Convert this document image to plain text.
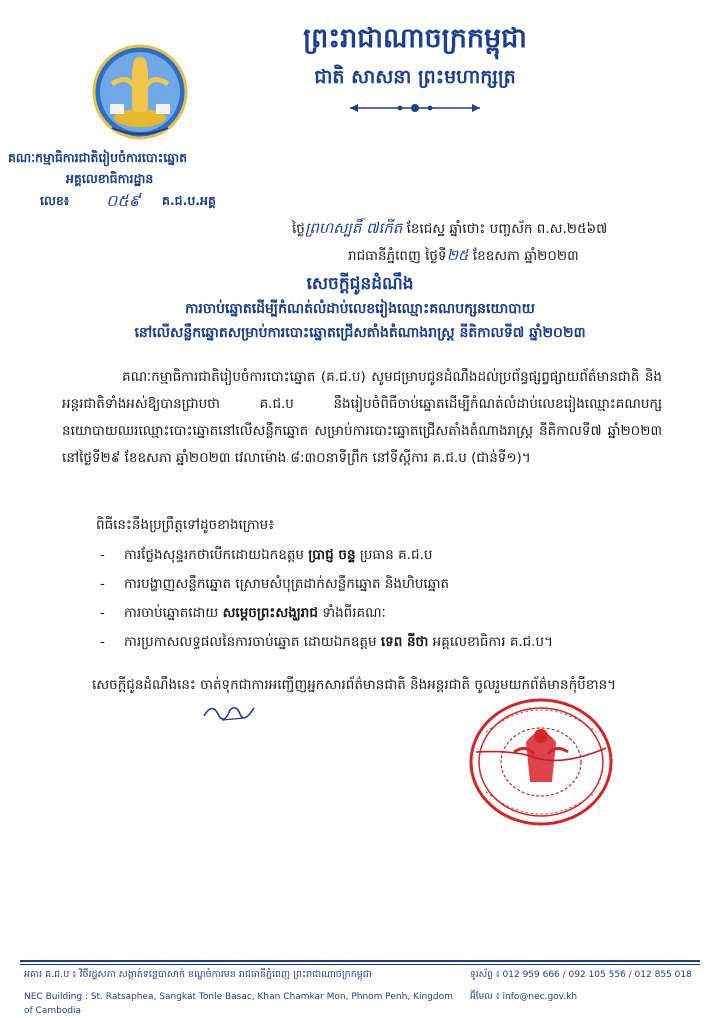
ព្រះរាជាណាចក្រកម្ពុជា
ជាតិ សាសនា ព្រះមហាក្សត្រ
គណៈកម្មាធិការជាតិរៀបចំការបោះឆ្នោត
អគ្គលេខាធិការដ្ឋាន
លេខ៖ ០៥៩ គ.ជ.ប.អគ្គ
ថ្ងៃព្រហស្បតិ៍ ៧កើត ខែជេស្ឋ ឆ្នាំថោះ បញ្ចស័ក ព.ស.២៥៦៧
រាជធានីភ្នំពេញ ថ្ងៃទី២៥ ខែឧសភា ឆ្នាំ២០២៣
សេចក្តីជូនដំណឹង
ការចាប់ឆ្នោតដើម្បីកំណត់លំដាប់លេខរៀងឈ្មោះគណបក្សនយោបាយ
នៅលើសន្លឹកឆ្នោតសម្រាប់ការបោះឆ្នោតជ្រើសតាំងតំណាងរាស្ត្រ នីតិកាលទី៧ ឆ្នាំ២០២៣
គណៈកម្មាធិការជាតិរៀបចំការបោះឆ្នោត (គ.ជ.ប) សូមជម្រាបជូនដំណឹងដល់ប្រព័ន្ធផ្សព្វផ្សាយព័ត៌មានជាតិ និងអន្តរជាតិទាំងអស់ឱ្យបានជ្រាបថា គ.ជ.ប នឹងរៀបចំពិធីចាប់ឆ្នោតដើម្បីកំណត់លំដាប់លេខរៀងឈ្មោះគណបក្សនយោបាយឈរឈ្មោះបោះឆ្នោតនៅលើសន្លឹកឆ្នោត សម្រាប់ការបោះឆ្នោតជ្រើសតាំងតំណាងរាស្ត្រ នីតិកាលទី៧ ឆ្នាំ២០២៣ នៅថ្ងៃទី២៩ ខែឧសភា ឆ្នាំ២០២៣ វេលាម៉ោង ៨:៣០នាទីព្រឹក នៅទីស្តីការ គ.ជ.ប (ជាន់ទី១)។
ពិធីនេះនឹងប្រព្រឹត្តទៅដូចខាងក្រោម៖
- ការថ្លែងសុន្ទរកថាបើកដោយឯកឧត្តម ប្រាជ្ញ ចន្ទ ប្រធាន គ.ជ.ប
- ការបង្ហាញសន្លឹកឆ្នោត ស្រោមសំបុត្រដាក់សន្លឹកឆ្នោត និងហិបឆ្នោត
- ការចាប់ឆ្នោតដោយ សម្តេចព្រះសង្ឃរាជ ទាំងពីរគណៈ
- ការប្រកាសលទ្ធផលនៃការចាប់ឆ្នោត ដោយឯកឧត្តម ទេព នីថា អគ្គលេខាធិការ គ.ជ.ប។
សេចក្តីជូនដំណឹងនេះ ចាត់ទុកជាការអញ្ជើញអ្នកសារព័ត៌មានជាតិ និងអន្តរជាតិ ចូលរួមយកព័ត៌មានកុំបីខាន។
អគារ គ.ជ.ប ៖ វិថីរដ្ឋសភា សង្កាត់ទន្លេបាសាក់ ខណ្ឌចំការមន រាជធានីភ្នំពេញ ព្រះរាជាណាចក្រកម្ពុជា
NEC Building : St. Ratsaphea, Sangkat Tonle Basac, Khan Chamkar Mon, Phnom Penh, Kingdom of Cambodia
ទូរស័ព្ទ ៖ 012 959 666 / 092 105 556 / 012 855 018
អ៊ីមែល ៖ info@nec.gov.kh
